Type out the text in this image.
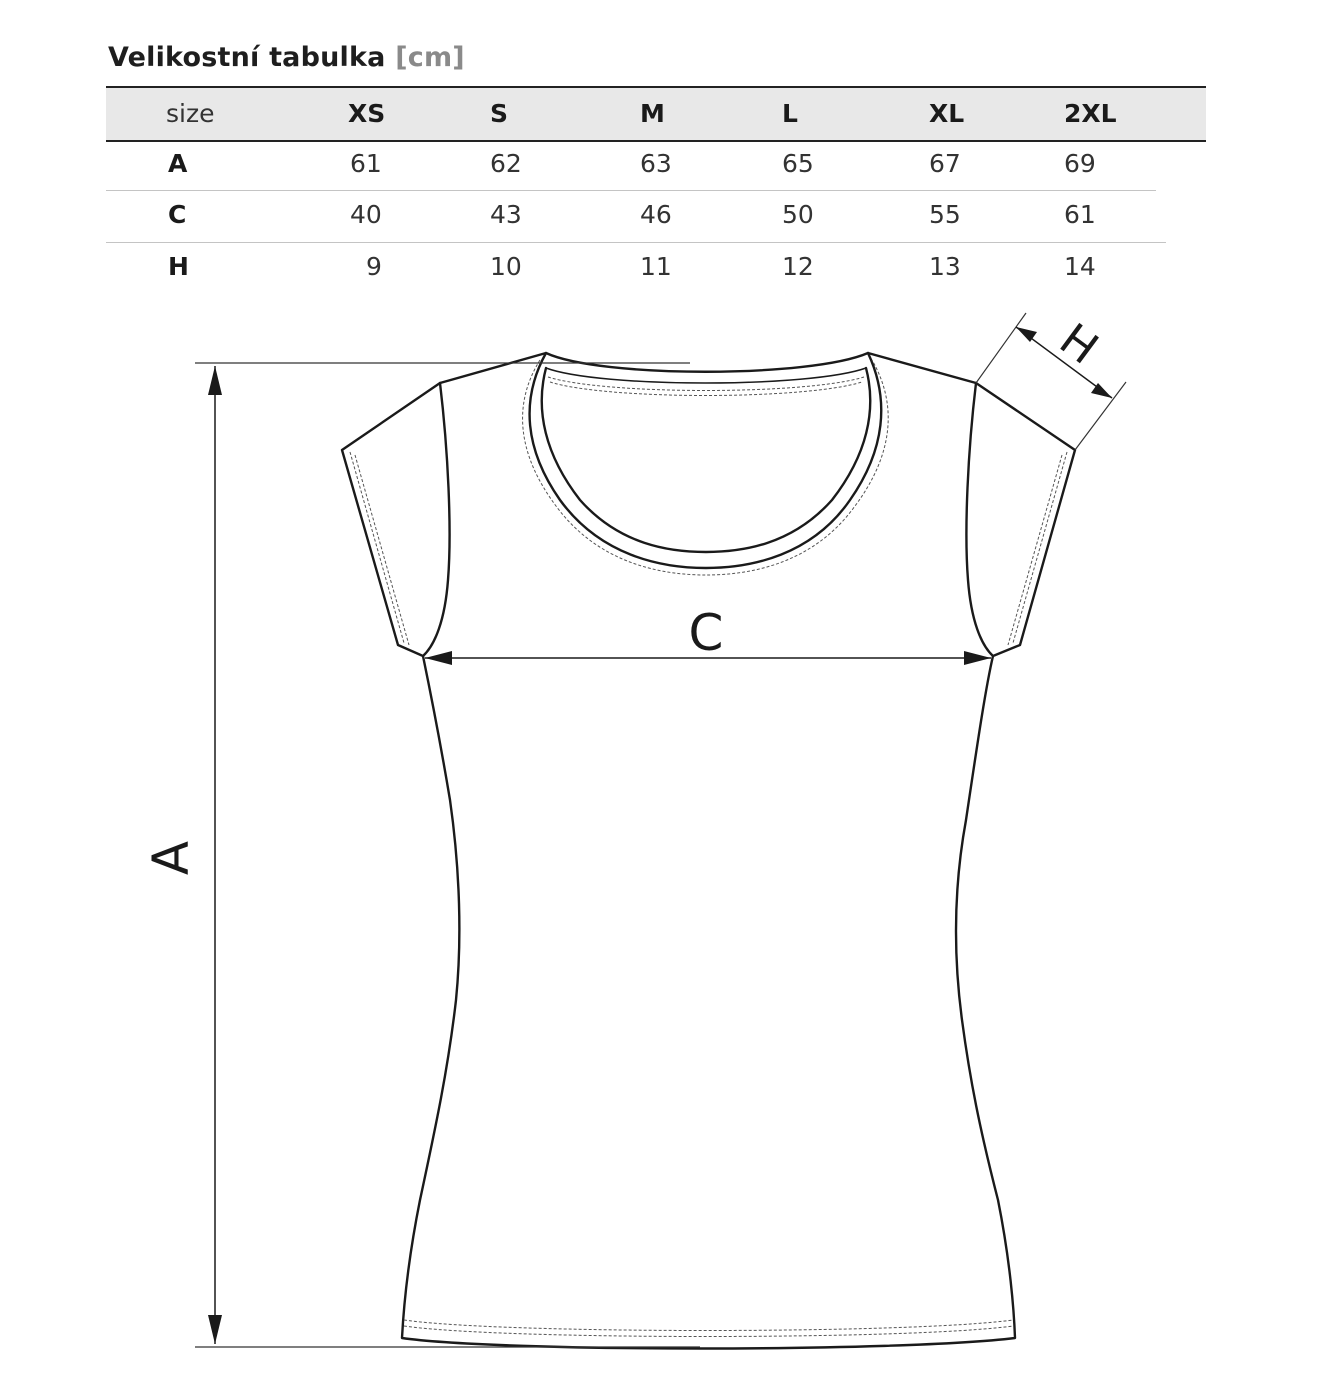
Velikostní tabulka [cm]
size	XS	S	M	L	XL	2XL
A	61	62	63	65	67	69
C	40	43	46	50	55	61
H	9	10	11	12	13	14
A
C
H
